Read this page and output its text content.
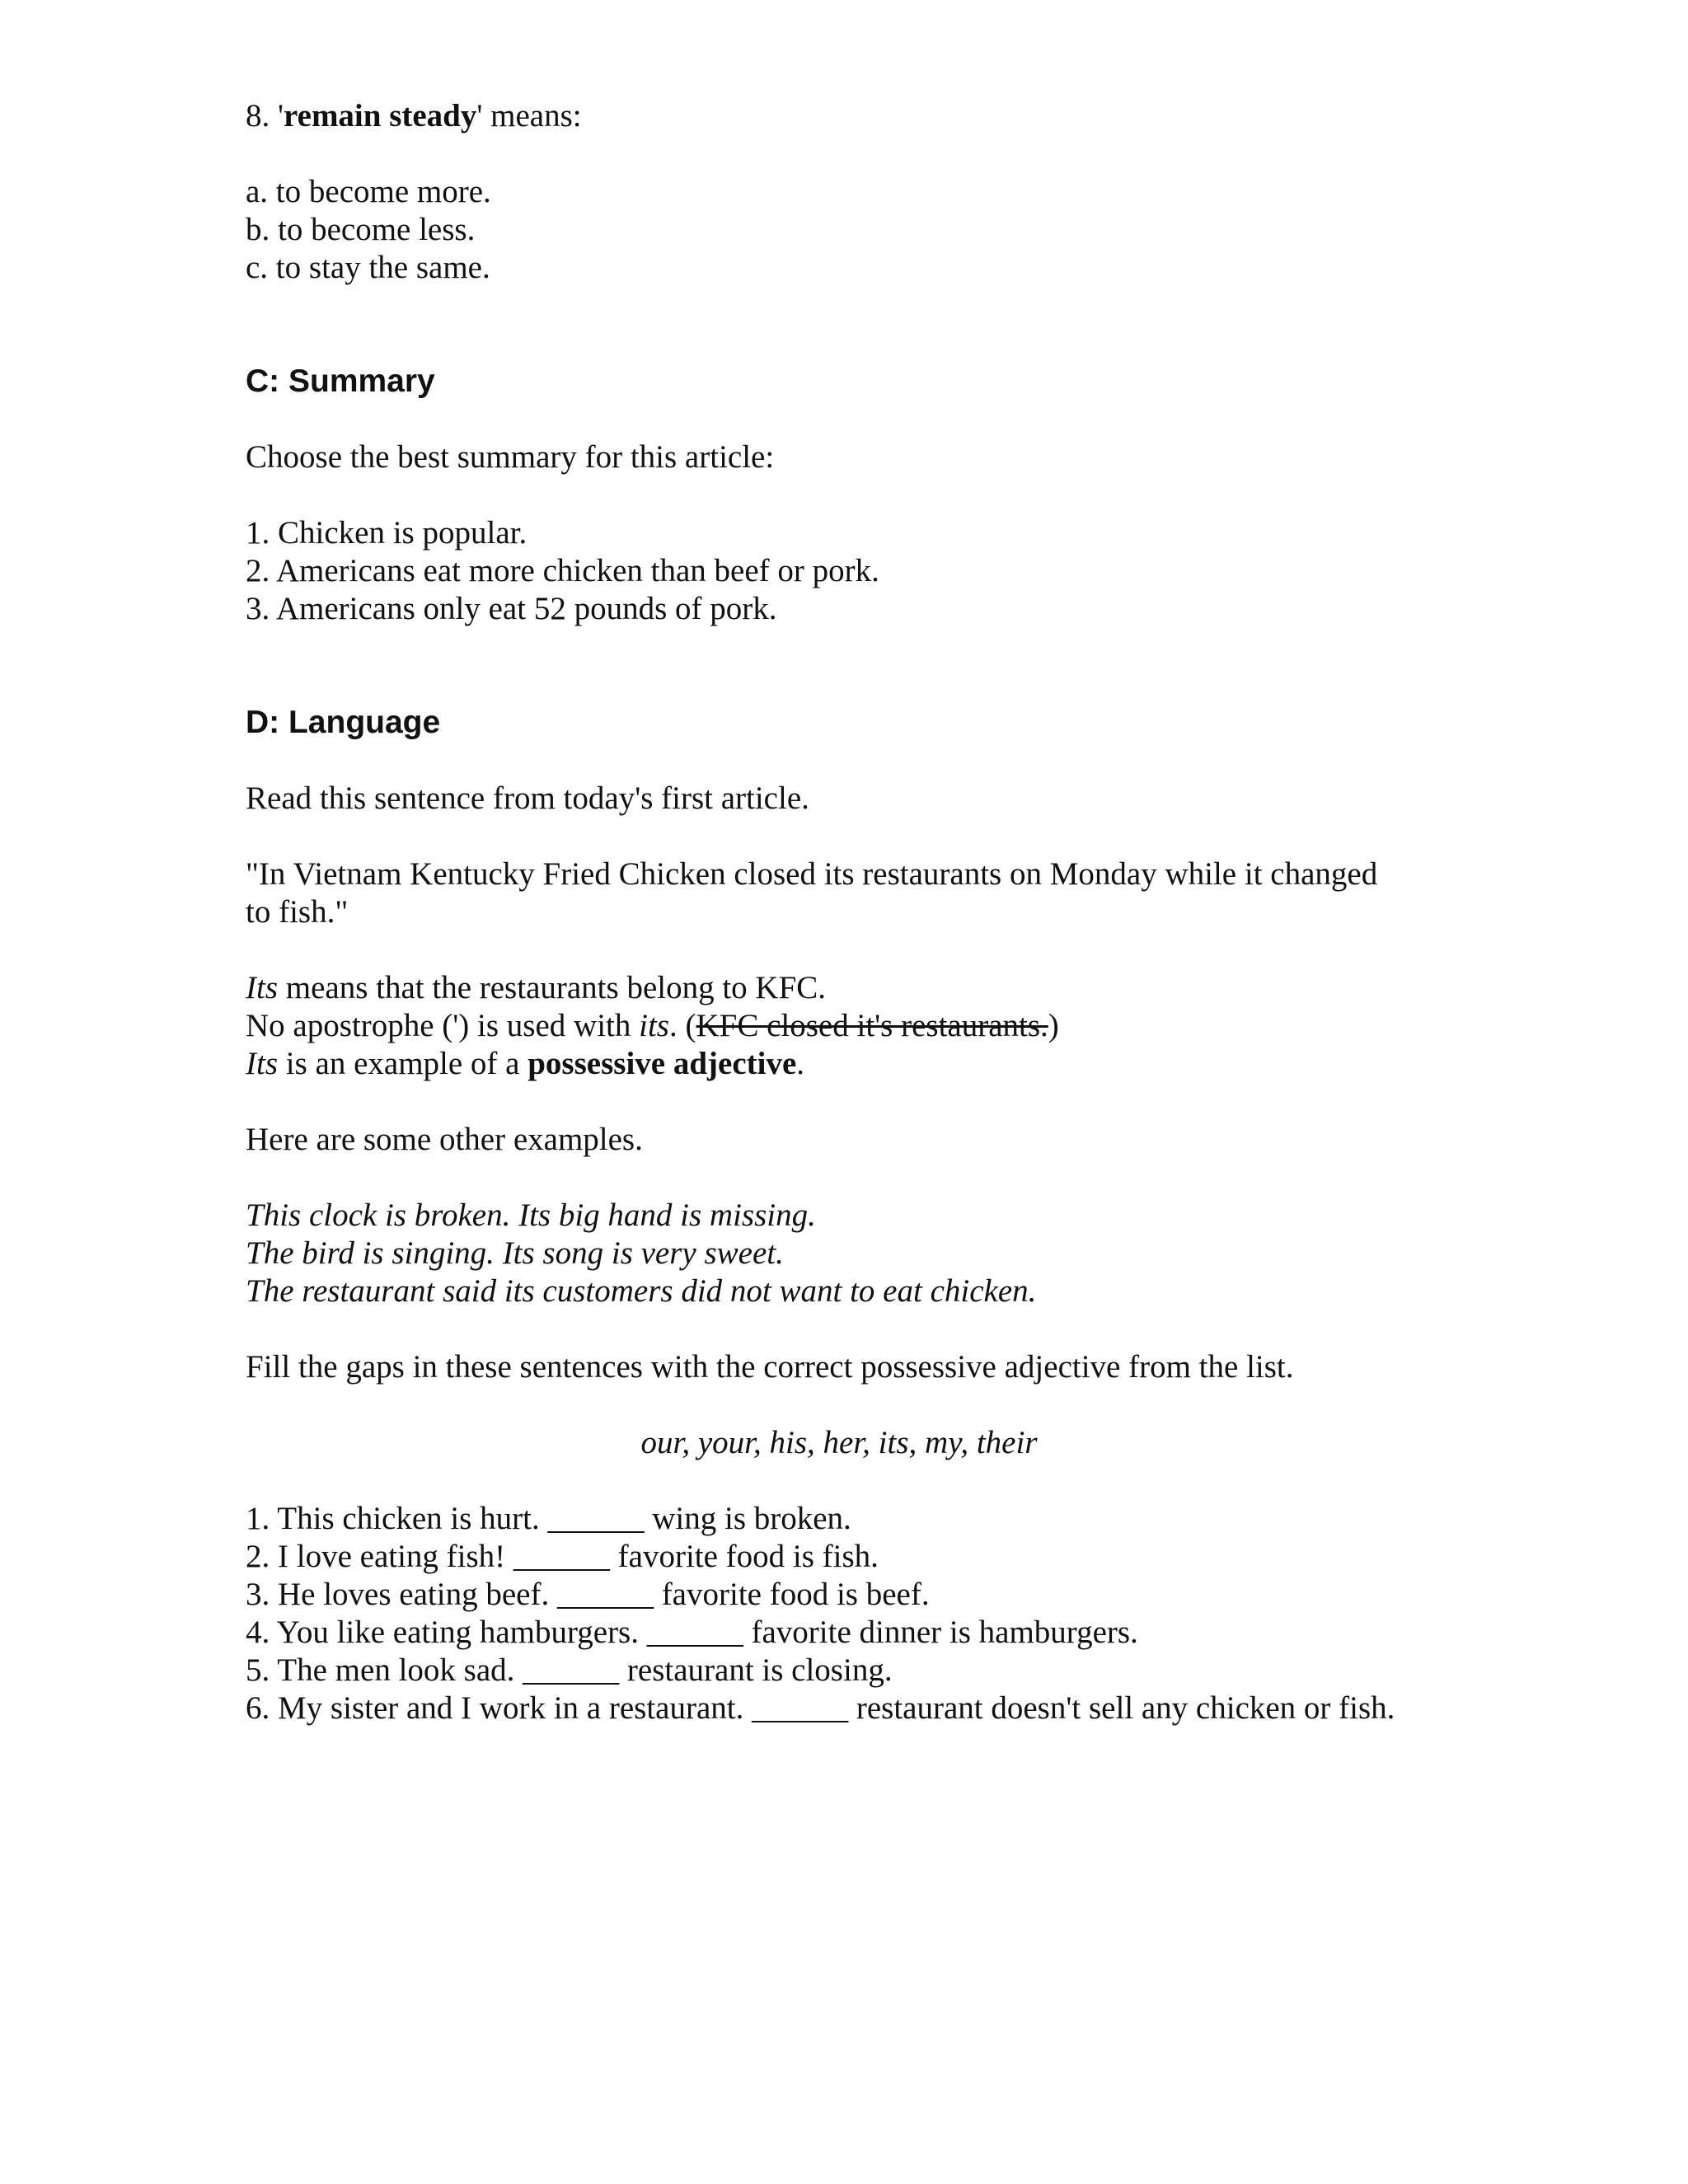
8. 'remain steady' means:
a. to become more.
b. to become less.
c. to stay the same.
C: Summary
Choose the best summary for this article:
1. Chicken is popular.
2. Americans eat more chicken than beef or pork.
3. Americans only eat 52 pounds of pork.
D: Language
Read this sentence from today's first article.
"In Vietnam Kentucky Fried Chicken closed its restaurants on Monday while it changed
to fish."
Its means that the restaurants belong to KFC.
No apostrophe (') is used with its. (KFC closed it's restaurants.)
Its is an example of a possessive adjective.
Here are some other examples.
This clock is broken. Its big hand is missing.
The bird is singing. Its song is very sweet.
The restaurant said its customers did not want to eat chicken.
Fill the gaps in these sentences with the correct possessive adjective from the list.
our, your, his, her, its, my, their
1. This chicken is hurt. ______ wing is broken.
2. I love eating fish! ______ favorite food is fish.
3. He loves eating beef. ______ favorite food is beef.
4. You like eating hamburgers. ______ favorite dinner is hamburgers.
5. The men look sad. ______ restaurant is closing.
6. My sister and I work in a restaurant. ______ restaurant doesn't sell any chicken or fish.
